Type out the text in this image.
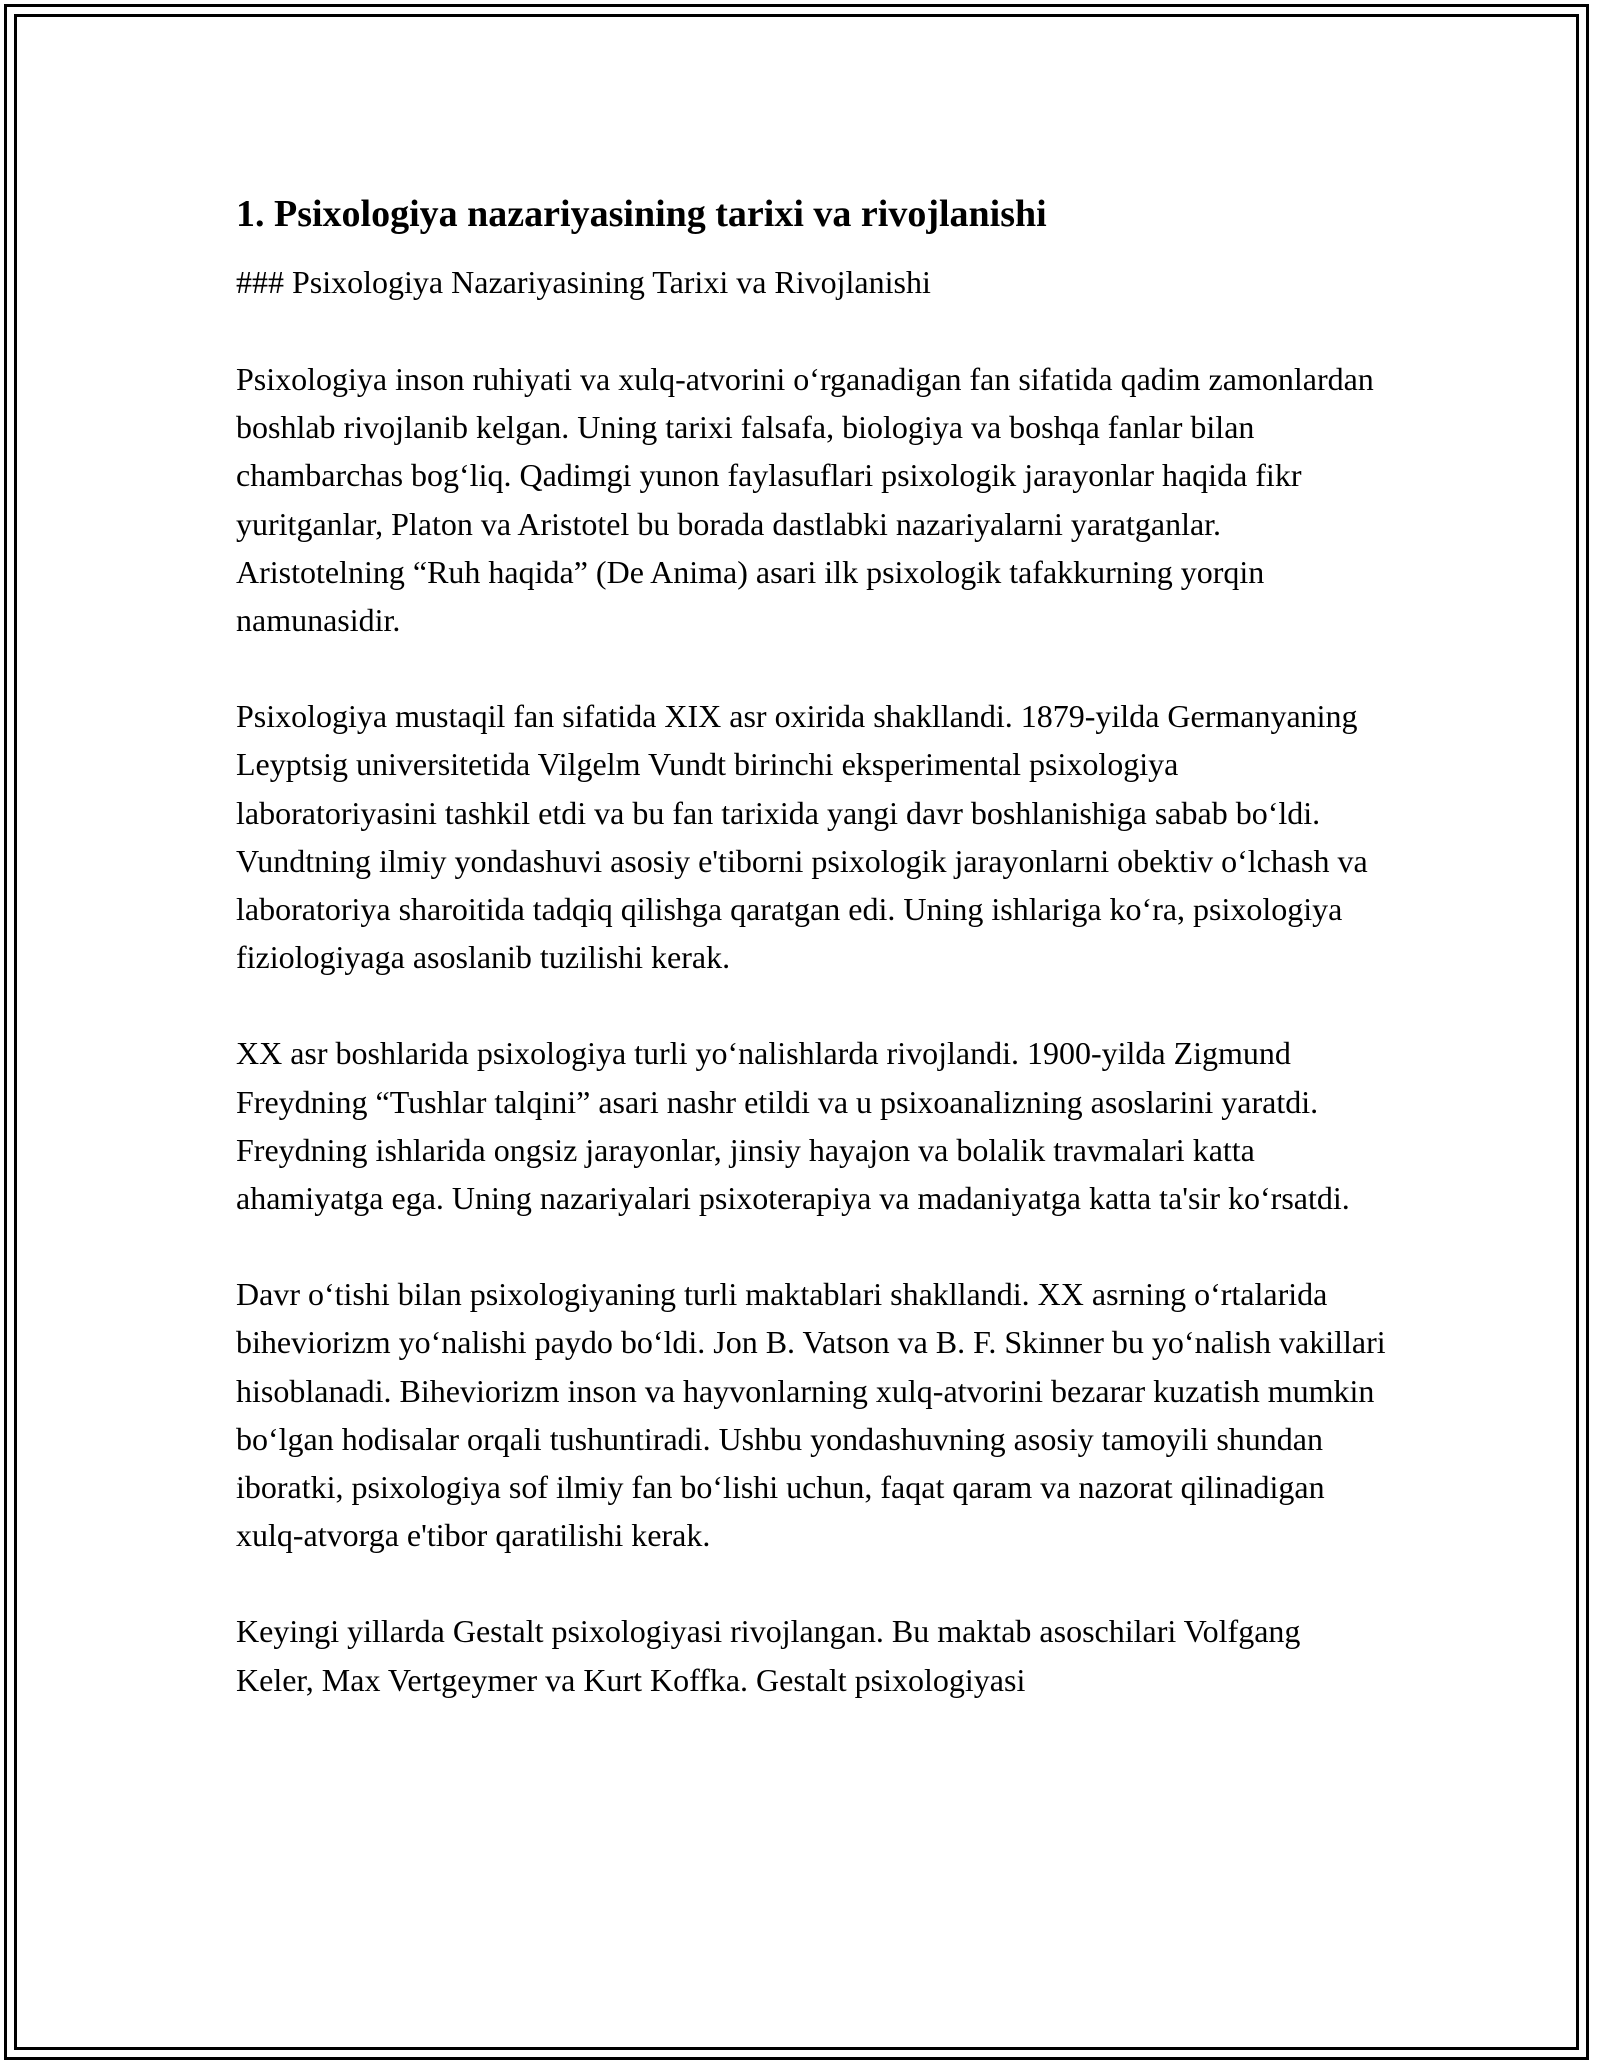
1. Psixologiya nazariyasining tarixi va rivojlanishi

### Psixologiya Nazariyasining Tarixi va Rivojlanishi

Psixologiya inson ruhiyati va xulq-atvorini o‘rganadigan fan sifatida qadim zamonlardan boshlab rivojlanib kelgan. Uning tarixi falsafa, biologiya va boshqa fanlar bilan chambarchas bog‘liq. Qadimgi yunon faylasuflari psixologik jarayonlar haqida fikr yuritganlar, Platon va Aristotel bu borada dastlabki nazariyalarni yaratganlar. Aristotelning “Ruh haqida” (De Anima) asari ilk psixologik tafakkurning yorqin namunasidir.

Psixologiya mustaqil fan sifatida XIX asr oxirida shakllandi. 1879-yilda Germanyaning Leyptsig universitetida Vilgelm Vundt birinchi eksperimental psixologiya laboratoriyasini tashkil etdi va bu fan tarixida yangi davr boshlanishiga sabab bo‘ldi. Vundtning ilmiy yondashuvi asosiy e'tiborni psixologik jarayonlarni obektiv o‘lchash va laboratoriya sharoitida tadqiq qilishga qaratgan edi. Uning ishlariga ko‘ra, psixologiya fiziologiyaga asoslanib tuzilishi kerak.

XX asr boshlarida psixologiya turli yo‘nalishlarda rivojlandi. 1900-yilda Zigmund Freydning “Tushlar talqini” asari nashr etildi va u psixoanalizning asoslarini yaratdi. Freydning ishlarida ongsiz jarayonlar, jinsiy hayajon va bolalik travmalari katta ahamiyatga ega. Uning nazariyalari psixoterapiya va madaniyatga katta ta'sir ko‘rsatdi.

Davr o‘tishi bilan psixologiyaning turli maktablari shakllandi. XX asrning o‘rtalarida biheviorizm yo‘nalishi paydo bo‘ldi. Jon B. Vatson va B. F. Skinner bu yo‘nalish vakillari hisoblanadi. Biheviorizm inson va hayvonlarning xulq-atvorini bezarar kuzatish mumkin bo‘lgan hodisalar orqali tushuntiradi. Ushbu yondashuvning asosiy tamoyili shundan iboratki, psixologiya sof ilmiy fan bo‘lishi uchun, faqat qaram va nazorat qilinadigan xulq-atvorga e'tibor qaratilishi kerak.

Keyingi yillarda Gestalt psixologiyasi rivojlangan. Bu maktab asoschilari Volfgang Keler, Max Vertgeymer va Kurt Koffka. Gestalt psixologiyasi
